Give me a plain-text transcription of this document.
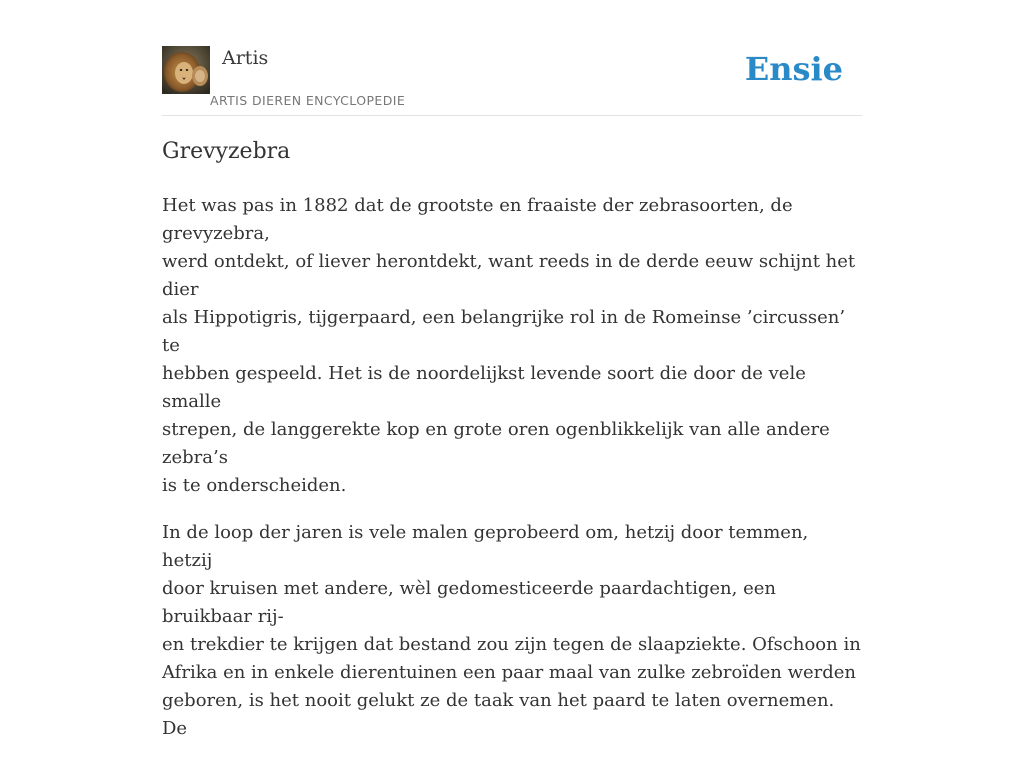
Artis
ARTIS DIEREN ENCYCLOPEDIE
Ensie
Grevyzebra

Het was pas in 1882 dat de grootste en fraaiste der zebrasoorten, de grevyzebra,
werd ontdekt, of liever herontdekt, want reeds in de derde eeuw schijnt het dier
als Hippotigris, tijgerpaard, een belangrijke rol in de Romeinse ’circussen’ te
hebben gespeeld. Het is de noordelijkst levende soort die door de vele smalle
strepen, de langgerekte kop en grote oren ogenblikkelijk van alle andere zebra’s
is te onderscheiden.

In de loop der jaren is vele malen geprobeerd om, hetzij door temmen, hetzij
door kruisen met andere, wèl gedomesticeerde paardachtigen, een bruikbaar rij-
en trekdier te krijgen dat bestand zou zijn tegen de slaapziekte. Ofschoon in
Afrika en in enkele dierentuinen een paar maal van zulke zebroïden werden
geboren, is het nooit gelukt ze de taak van het paard te laten overnemen. De
